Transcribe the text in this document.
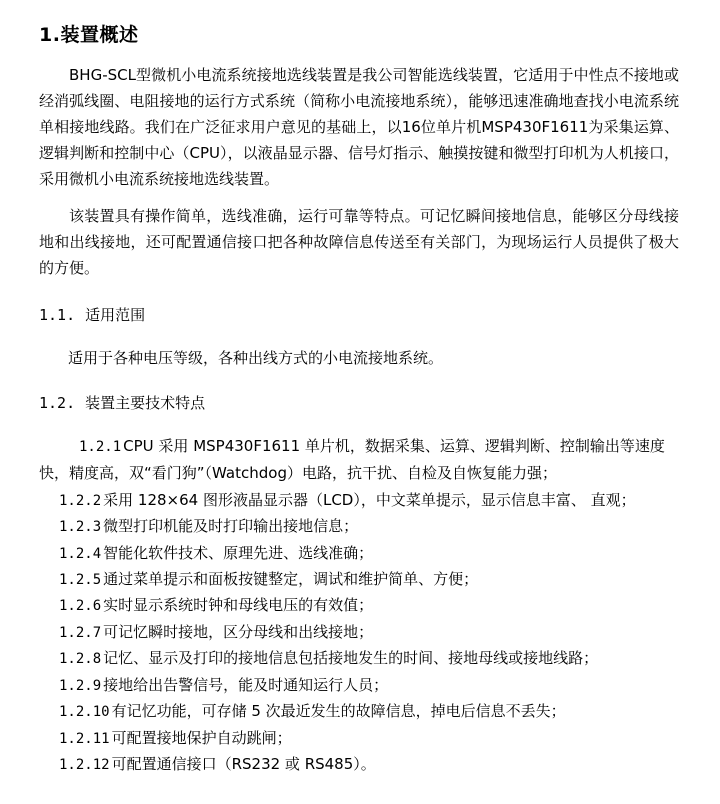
1.装置概述
BHG-SCL型微机小电流系统接地选线装置是我公司智能选线装置，它适用于中性点不接地或经消弧线圈、电阻接地的运行方式系统（简称小电流接地系统），能够迅速准确地查找小电流系统单相接地线路。我们在广泛征求用户意见的基础上，以16位单片机MSP430F1611为采集运算、逻辑判断和控制中心（CPU），以液晶显示器、信号灯指示、触摸按键和微型打印机为人机接口，采用微机小电流系统接地选线装置。
该装置具有操作简单，选线准确，运行可靠等特点。可记忆瞬间接地信息，能够区分母线接地和出线接地，还可配置通信接口把各种故障信息传送至有关部门，为现场运行人员提供了极大的方便。
1.1. 适用范围
适用于各种电压等级，各种出线方式的小电流接地系统。
1.2. 装置主要技术特点
1.2.1 CPU 采用 MSP430F1611 单片机，数据采集、运算、逻辑判断、控制输出等速度快，精度高，双“看门狗”（Watchdog）电路，抗干扰、自检及自恢复能力强；
1.2.2 采用 128×64 图形液晶显示器（LCD），中文菜单提示，显示信息丰富、 直观；
1.2.3 微型打印机能及时打印输出接地信息；
1.2.4 智能化软件技术、原理先进、选线准确；
1.2.5 通过菜单提示和面板按键整定，调试和维护简单、方便；
1.2.6 实时显示系统时钟和母线电压的有效值；
1.2.7 可记忆瞬时接地，区分母线和出线接地；
1.2.8 记忆、显示及打印的接地信息包括接地发生的时间、接地母线或接地线路；
1.2.9 接地给出告警信号，能及时通知运行人员；
1.2.10 有记忆功能，可存储 5 次最近发生的故障信息，掉电后信息不丢失；
1.2.11 可配置接地保护自动跳闸；
1.2.12 可配置通信接口（RS232 或 RS485）。
